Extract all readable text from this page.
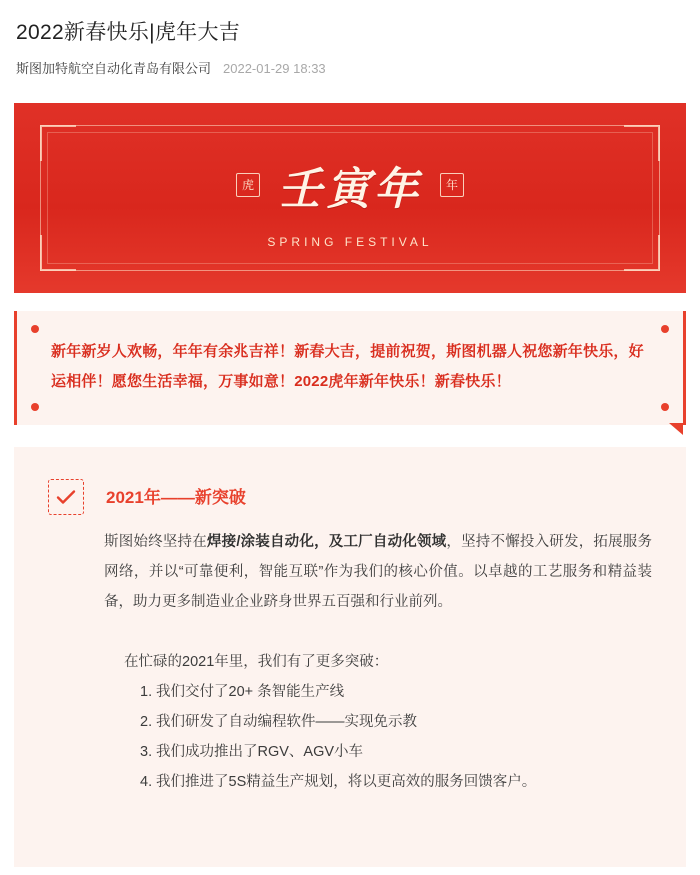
2022新春快乐|虎年大吉
斯图加特航空自动化青岛有限公司 2022-01-29 18:33
虎 壬寅年	年
SPRING FESTIVAL
新年新岁人欢畅，年年有余兆吉祥！新春大吉，提前祝贺，斯图机器人祝您新年快乐，好运相伴！愿您生活幸福，万事如意！2022虎年新年快乐！新春快乐！
2021年——新突破

斯图始终坚持在焊接/涂装自动化，及工厂自动化领域，坚持不懈投入研发，拓展服务网络，并以“可靠便利，智能互联”作为我们的核心价值。以卓越的工艺服务和精益装备，助力更多制造业企业跻身世界五百强和行业前列。

在忙碌的2021年里，我们有了更多突破：

1. 我们交付了20+ 条智能生产线
2. 我们研发了自动编程软件——实现免示教
3. 我们成功推出了RGV、AGV小车
4. 我们推进了5S精益生产规划，将以更高效的服务回馈客户。
